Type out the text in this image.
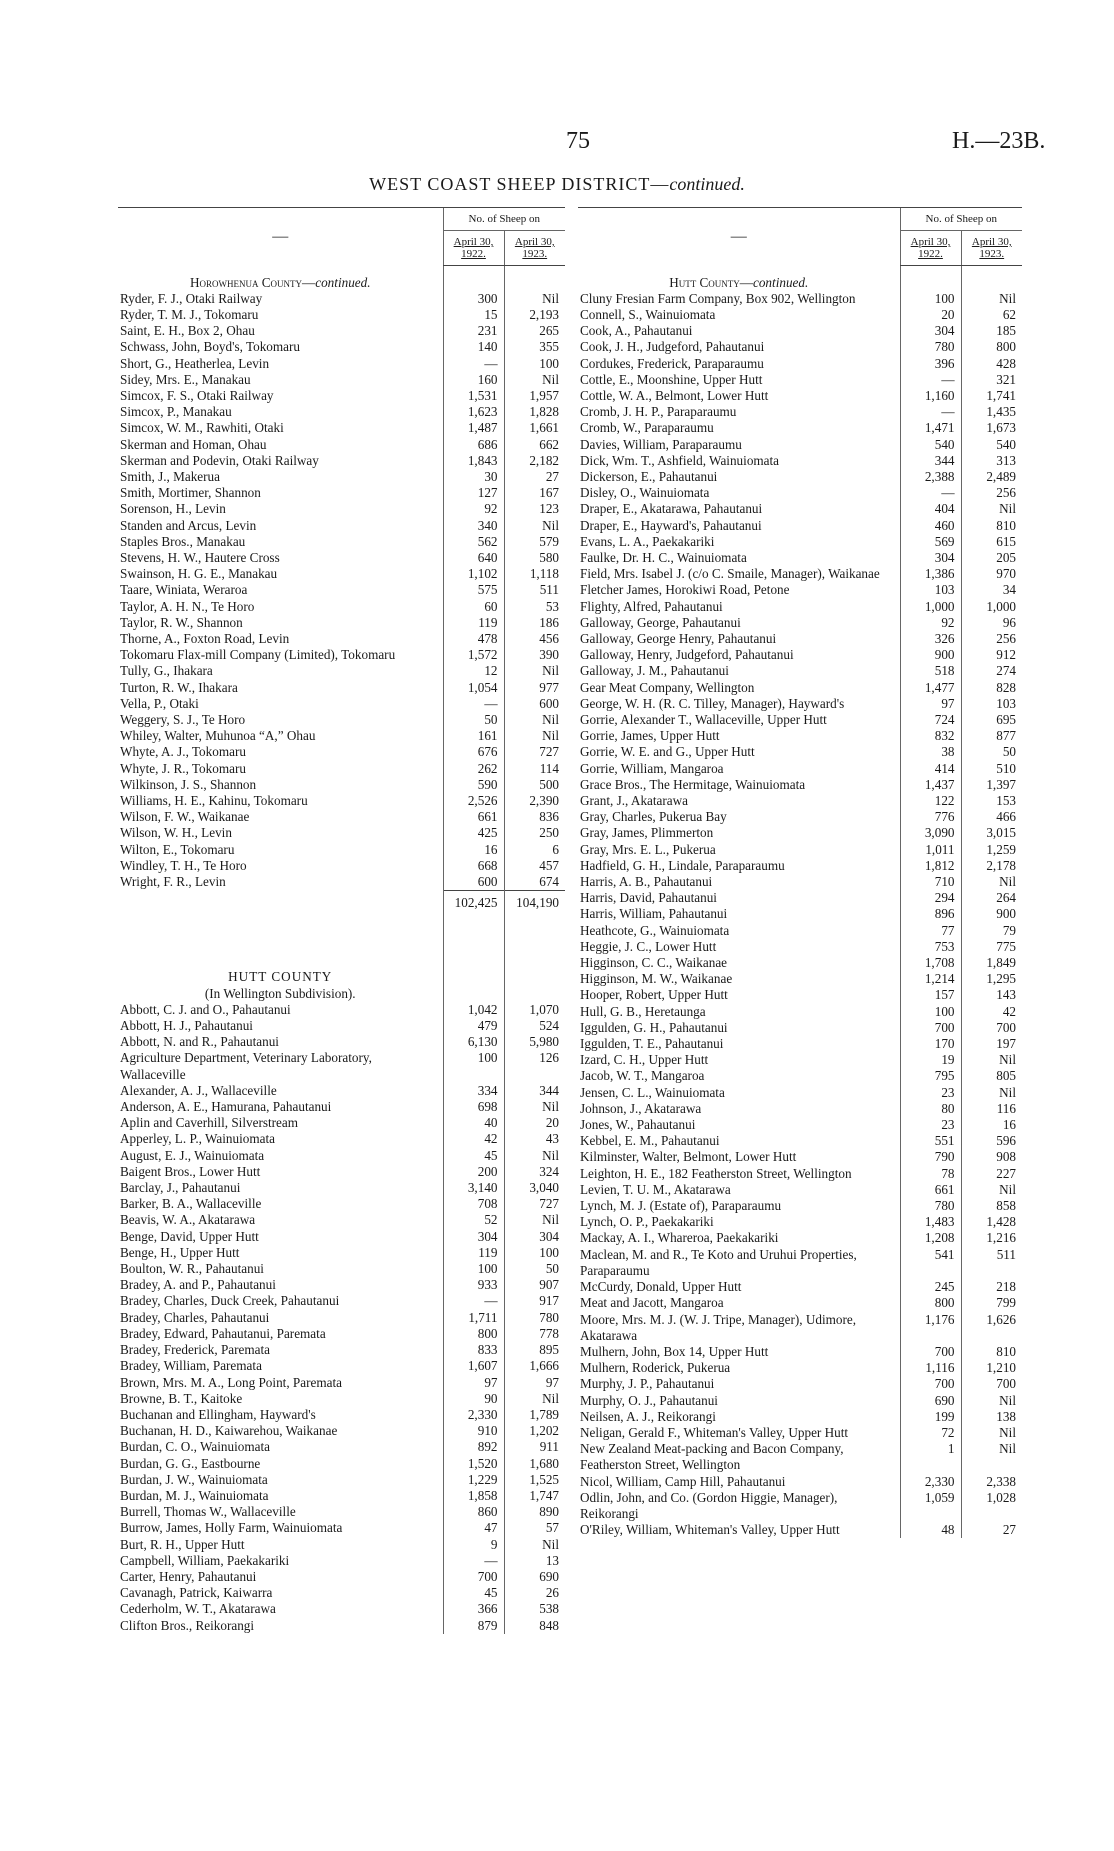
75	H.—23B.
WEST COAST SHEEP DISTRICT—continued.
—	No. of Sheep on	
	April 30, 1922.	April 30, 1923.
Horowhenua County—continued.		
Ryder, F. J., Otaki Railway	300	Nil
Ryder, T. M. J., Tokomaru	15	2,193
Saint, E. H., Box 2, Ohau	231	265
Schwass, John, Boyd's, Tokomaru	140	355
Short, G., Heatherlea, Levin	—	100
Sidey, Mrs. E., Manakau	160	Nil
Simcox, F. S., Otaki Railway	1,531	1,957
Simcox, P., Manakau	1,623	1,828
Simcox, W. M., Rawhiti, Otaki	1,487	1,661
Skerman and Homan, Ohau	686	662
Skerman and Podevin, Otaki Railway	1,843	2,182
Smith, J., Makerua	30	27
Smith, Mortimer, Shannon	127	167
Sorenson, H., Levin	92	123
Standen and Arcus, Levin	340	Nil
Staples Bros., Manakau	562	579
Stevens, H. W., Hautere Cross	640	580
Swainson, H. G. E., Manakau	1,102	1,118
Taare, Winiata, Weraroa	575	511
Taylor, A. H. N., Te Horo	60	53
Taylor, R. W., Shannon	119	186
Thorne, A., Foxton Road, Levin	478	456
Tokomaru Flax-mill Company (Limited), Tokomaru	1,572	390
Tully, G., Ihakara	12	Nil
Turton, R. W., Ihakara	1,054	977
Vella, P., Otaki	—	600
Weggery, S. J., Te Horo	50	Nil
Whiley, Walter, Muhunoa “A,” Ohau	161	Nil
Whyte, A. J., Tokomaru	676	727
Whyte, J. R., Tokomaru	262	114
Wilkinson, J. S., Shannon	590	500
Williams, H. E., Kahinu, Tokomaru	2,526	2,390
Wilson, F. W., Waikanae	661	836
Wilson, W. H., Levin	425	250
Wilton, E., Tokomaru	16	6
Windley, T. H., Te Horo	668	457
Wright, F. R., Levin	600	674
	102,425	104,190
HUTT COUNTY		
(In Wellington Subdivision).		
Abbott, C. J. and O., Pahautanui	1,042	1,070
Abbott, H. J., Pahautanui	479	524
Abbott, N. and R., Pahautanui	6,130	5,980
Agriculture Department, Veterinary Laboratory, Wallaceville	100	126
Alexander, A. J., Wallaceville	334	344
Anderson, A. E., Hamurana, Pahautanui	698	Nil
Aplin and Caverhill, Silverstream	40	20
Apperley, L. P., Wainuiomata	42	43
August, E. J., Wainuiomata	45	Nil
Baigent Bros., Lower Hutt	200	324
Barclay, J., Pahautanui	3,140	3,040
Barker, B. A., Wallaceville	708	727
Beavis, W. A., Akatarawa	52	Nil
Benge, David, Upper Hutt	304	304
Benge, H., Upper Hutt	119	100
Boulton, W. R., Pahautanui	100	50
Bradey, A. and P., Pahautanui	933	907
Bradey, Charles, Duck Creek, Pahautanui	—	917
Bradey, Charles, Pahautanui	1,711	780
Bradey, Edward, Pahautanui, Paremata	800	778
Bradey, Frederick, Paremata	833	895
Bradey, William, Paremata	1,607	1,666
Brown, Mrs. M. A., Long Point, Paremata	97	97
Browne, B. T., Kaitoke	90	Nil
Buchanan and Ellingham, Hayward's	2,330	1,789
Buchanan, H. D., Kaiwarehou, Waikanae	910	1,202
Burdan, C. O., Wainuiomata	892	911
Burdan, G. G., Eastbourne	1,520	1,680
Burdan, J. W., Wainuiomata	1,229	1,525
Burdan, M. J., Wainuiomata	1,858	1,747
Burrell, Thomas W., Wallaceville	860	890
Burrow, James, Holly Farm, Wainuiomata	47	57
Burt, R. H., Upper Hutt	9	Nil
Campbell, William, Paekakariki	—	13
Carter, Henry, Pahautanui	700	690
Cavanagh, Patrick, Kaiwarra	45	26
Cederholm, W. T., Akatarawa	366	538
Clifton Bros., Reikorangi	879	848
—	No. of Sheep on	
	April 30, 1922.	April 30, 1923.
Hutt County—continued.		
Cluny Fresian Farm Company, Box 902, Wellington	100	Nil
Connell, S., Wainuiomata	20	62
Cook, A., Pahautanui	304	185
Cook, J. H., Judgeford, Pahautanui	780	800
Cordukes, Frederick, Paraparaumu	396	428
Cottle, E., Moonshine, Upper Hutt	—	321
Cottle, W. A., Belmont, Lower Hutt	1,160	1,741
Cromb, J. H. P., Paraparaumu	—	1,435
Cromb, W., Paraparaumu	1,471	1,673
Davies, William, Paraparaumu	540	540
Dick, Wm. T., Ashfield, Wainuiomata	344	313
Dickerson, E., Pahautanui	2,388	2,489
Disley, O., Wainuiomata	—	256
Draper, E., Akatarawa, Pahautanui	404	Nil
Draper, E., Hayward's, Pahautanui	460	810
Evans, L. A., Paekakariki	569	615
Faulke, Dr. H. C., Wainuiomata	304	205
Field, Mrs. Isabel J. (c/o C. Smaile, Manager), Waikanae	1,386	970
Fletcher James, Horokiwi Road, Petone	103	34
Flighty, Alfred, Pahautanui	1,000	1,000
Galloway, George, Pahautanui	92	96
Galloway, George Henry, Pahautanui	326	256
Galloway, Henry, Judgeford, Pahautanui	900	912
Galloway, J. M., Pahautanui	518	274
Gear Meat Company, Wellington	1,477	828
George, W. H. (R. C. Tilley, Manager), Hayward's	97	103
Gorrie, Alexander T., Wallaceville, Upper Hutt	724	695
Gorrie, James, Upper Hutt	832	877
Gorrie, W. E. and G., Upper Hutt	38	50
Gorrie, William, Mangaroa	414	510
Grace Bros., The Hermitage, Wainuiomata	1,437	1,397
Grant, J., Akatarawa	122	153
Gray, Charles, Pukerua Bay	776	466
Gray, James, Plimmerton	3,090	3,015
Gray, Mrs. E. L., Pukerua	1,011	1,259
Hadfield, G. H., Lindale, Paraparaumu	1,812	2,178
Harris, A. B., Pahautanui	710	Nil
Harris, David, Pahautanui	294	264
Harris, William, Pahautanui	896	900
Heathcote, G., Wainuiomata	77	79
Heggie, J. C., Lower Hutt	753	775
Higginson, C. C., Waikanae	1,708	1,849
Higginson, M. W., Waikanae	1,214	1,295
Hooper, Robert, Upper Hutt	157	143
Hull, G. B., Heretaunga	100	42
Iggulden, G. H., Pahautanui	700	700
Iggulden, T. E., Pahautanui	170	197
Izard, C. H., Upper Hutt	19	Nil
Jacob, W. T., Mangaroa	795	805
Jensen, C. L., Wainuiomata	23	Nil
Johnson, J., Akatarawa	80	116
Jones, W., Pahautanui	23	16
Kebbel, E. M., Pahautanui	551	596
Kilminster, Walter, Belmont, Lower Hutt	790	908
Leighton, H. E., 182 Featherston Street, Wellington	78	227
Levien, T. U. M., Akatarawa	661	Nil
Lynch, M. J. (Estate of), Paraparaumu	780	858
Lynch, O. P., Paekakariki	1,483	1,428
Mackay, A. I., Whareroa, Paekakariki	1,208	1,216
Maclean, M. and R., Te Koto and Uruhui Properties, Paraparaumu	541	511
McCurdy, Donald, Upper Hutt	245	218
Meat and Jacott, Mangaroa	800	799
Moore, Mrs. M. J. (W. J. Tripe, Manager), Udimore, Akatarawa	1,176	1,626
Mulhern, John, Box 14, Upper Hutt	700	810
Mulhern, Roderick, Pukerua	1,116	1,210
Murphy, J. P., Pahautanui	700	700
Murphy, O. J., Pahautanui	690	Nil
Neilsen, A. J., Reikorangi	199	138
Neligan, Gerald F., Whiteman's Valley, Upper Hutt	72	Nil
New Zealand Meat-packing and Bacon Company, Featherston Street, Wellington	1	Nil
Nicol, William, Camp Hill, Pahautanui	2,330	2,338
Odlin, John, and Co. (Gordon Higgie, Manager), Reikorangi	1,059	1,028
O'Riley, William, Whiteman's Valley, Upper Hutt	48	27
